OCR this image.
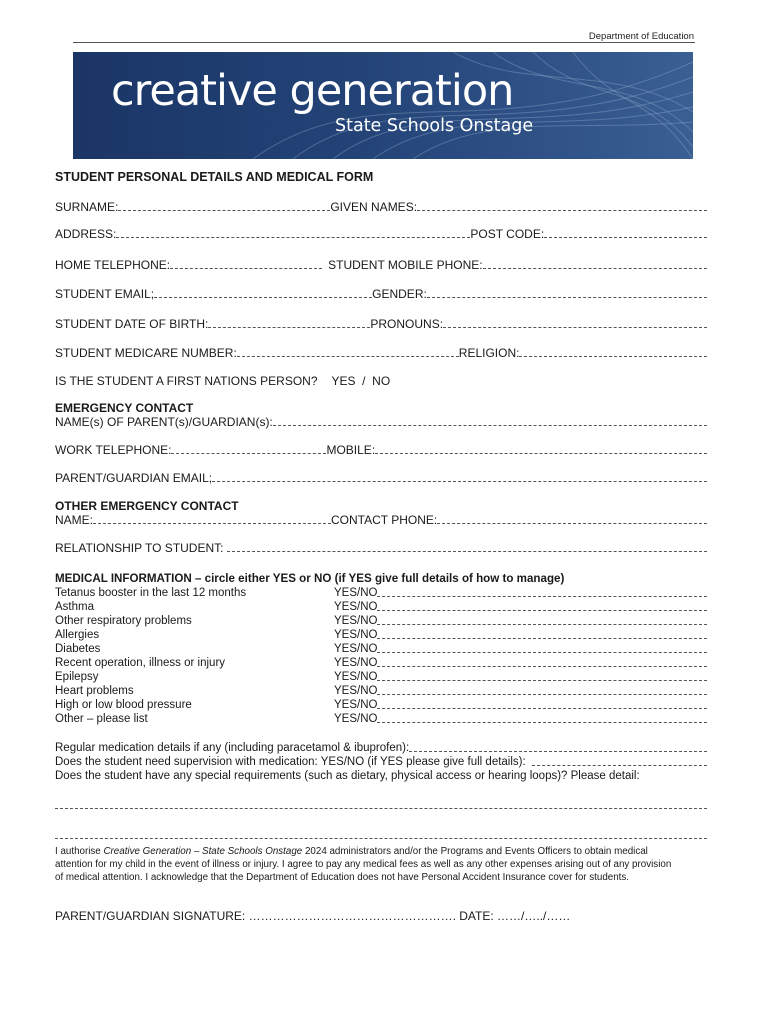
Department of Education
creative generation
State Schools Onstage
STUDENT PERSONAL DETAILS AND MEDICAL FORM
SURNAME:	GIVEN NAMES:
ADDRESS:	POST CODE:
HOME TELEPHONE:	STUDENT MOBILE PHONE:
STUDENT EMAIL;	GENDER:
STUDENT DATE OF BIRTH:	PRONOUNS:
STUDENT MEDICARE NUMBER:	RELIGION:
IS THE STUDENT A FIRST NATIONS PERSON? YES  /  NO
EMERGENCY CONTACT
NAME(s) OF PARENT(s)/GUARDIAN(s):
WORK TELEPHONE:	MOBILE:
PARENT/GUARDIAN EMAIL;
OTHER EMERGENCY CONTACT
NAME:	CONTACT PHONE:
RELATIONSHIP TO STUDENT:
MEDICAL INFORMATION – circle either YES or NO (if YES give full details of how to manage)
Tetanus booster in the last 12 months	YES/NO
Asthma	YES/NO
Other respiratory problems	YES/NO
Allergies	YES/NO
Diabetes	YES/NO
Recent operation, illness or injury	YES/NO
Epilepsy	YES/NO
Heart problems	YES/NO
High or low blood pressure	YES/NO
Other – please list	YES/NO
Regular medication details if any (including paracetamol & ibuprofen):
Does the student need supervision with medication: YES/NO (if YES please give full details):
Does the student have any special requirements (such as dietary, physical access or hearing loops)? Please detail:
I authorise Creative Generation – State Schools Onstage 2024 administrators and/or the Programs and Events Officers to obtain medical attention for my child in the event of illness or injury. I agree to pay any medical fees as well as any other expenses arising out of any provision of medical attention. I acknowledge that the Department of Education does not have Personal Accident Insurance cover for students.
PARENT/GUARDIAN SIGNATURE: ……………………………………………. DATE: ……/…../……
